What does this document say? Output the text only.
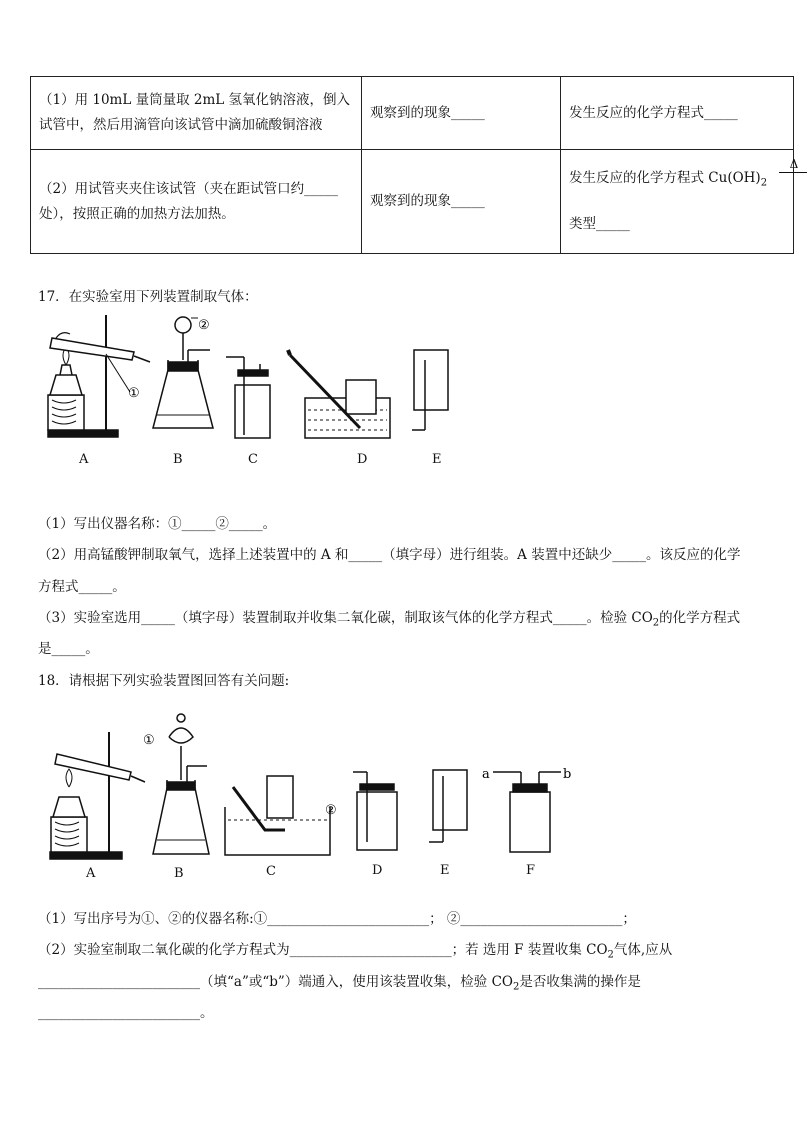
（1）用 10mL 量筒量取 2mL 氢氧化钠溶液，倒入试管中，然后用滴管向该试管中滴加硫酸铜溶液	观察到的现象_____	发生反应的化学方程式_____
（2）用试管夹夹住该试管（夹在距试管口约_____处），按照正确的加热方法加热。	观察到的现象_____	发生反应的化学方程式 $Cu(OH)_2$
Δ
类型_____
17．在实验室用下列装置制取气体：
①
②
A	B	C	D	E
（1）写出仪器名称：①_____②_____。
（2）用高锰酸钾制取氧气，选择上述装置中的 A 和_____（填字母）进行组装。A 装置中还缺少_____。该反应的化学
方程式_____。
（3）实验室选用_____（填字母）装置制取并收集二氧化碳，制取该气体的化学方程式_____。检验 $CO_2$的化学方程式
是_____。
18．请根据下列实验装置图回答有关问题:
①
②
a	b
A	B	C	D	E	F
（1）写出序号为①、②的仪器名称:①________________________； ②________________________；
（2）实验室制取二氧化碳的化学方程式为________________________；若 选用 F 装置收集 $CO_2$气体,应从
________________________（填“a”或“b”）端通入，使用该装置收集，检验 $CO_2$是否收集满的操作是
________________________。
